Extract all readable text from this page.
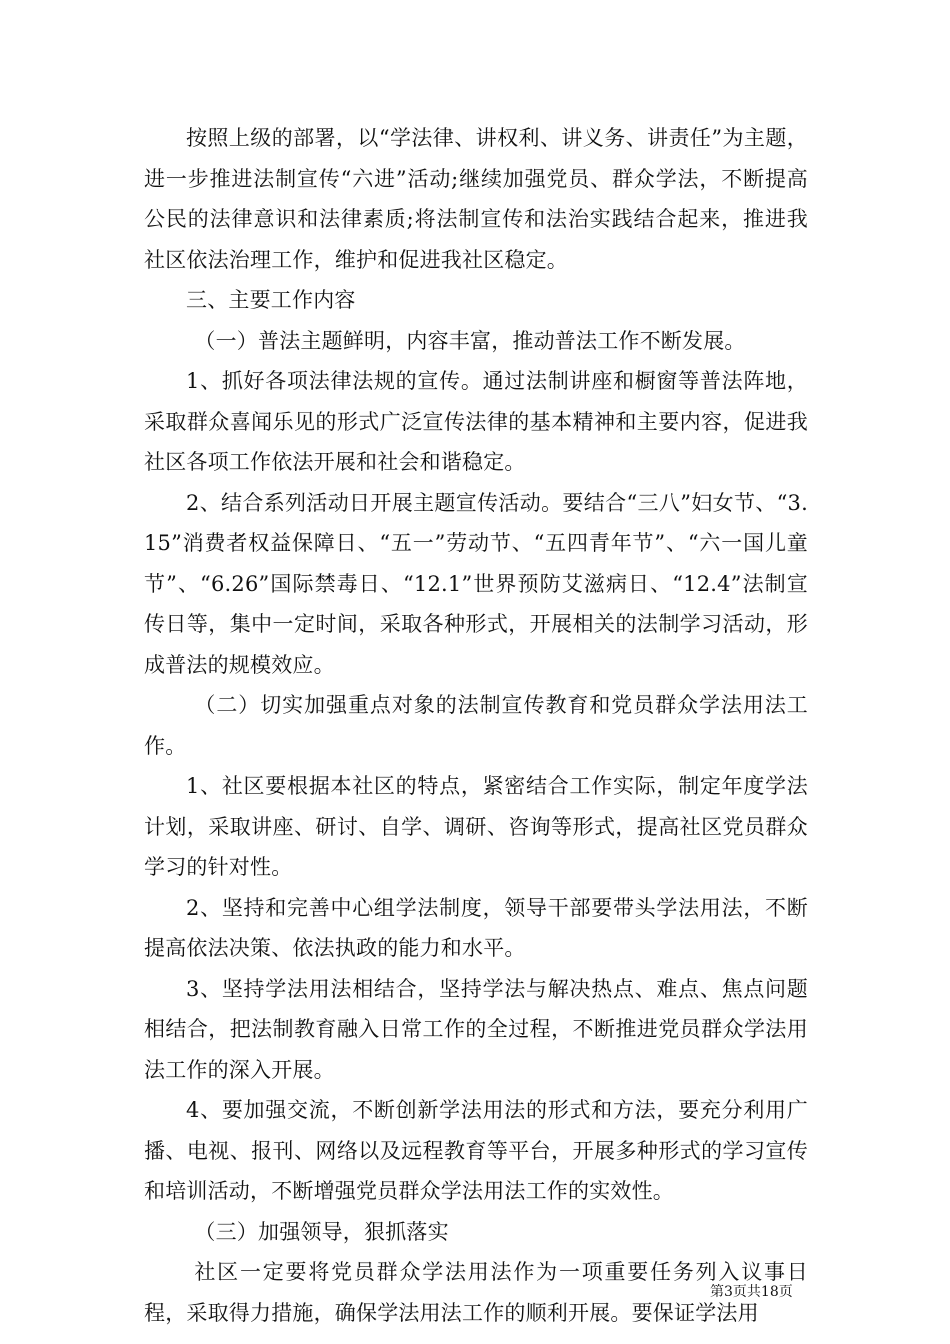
按照上级的部署，以“学法律、讲权利、讲义务、讲责任”为主题，进一步推进法制宣传“六进”活动;继续加强党员、群众学法，不断提高公民的法律意识和法律素质;将法制宣传和法治实践结合起来，推进我社区依法治理工作，维护和促进我社区稳定。

三、主要工作内容

（一）普法主题鲜明，内容丰富，推动普法工作不断发展。

1、抓好各项法律法规的宣传。通过法制讲座和橱窗等普法阵地，采取群众喜闻乐见的形式广泛宣传法律的基本精神和主要内容，促进我社区各项工作依法开展和社会和谐稳定。

2、结合系列活动日开展主题宣传活动。要结合“三八”妇女节、“3.15”消费者权益保障日、“五一”劳动节、“五四青年节”、“六一国儿童节”、“6.26”国际禁毒日、“12.1”世界预防艾滋病日、“12.4”法制宣传日等，集中一定时间，采取各种形式，开展相关的法制学习活动，形成普法的规模效应。

（二）切实加强重点对象的法制宣传教育和党员群众学法用法工作。

1、社区要根据本社区的特点，紧密结合工作实际，制定年度学法计划，采取讲座、研讨、自学、调研、咨询等形式，提高社区党员群众学习的针对性。

2、坚持和完善中心组学法制度，领导干部要带头学法用法，不断提高依法决策、依法执政的能力和水平。

3、坚持学法用法相结合，坚持学法与解决热点、难点、焦点问题相结合，把法制教育融入日常工作的全过程，不断推进党员群众学法用法工作的深入开展。

4、要加强交流，不断创新学法用法的形式和方法，要充分利用广播、电视、报刊、网络以及远程教育等平台，开展多种形式的学习宣传和培训活动，不断增强党员群众学法用法工作的实效性。

（三）加强领导，狠抓落实

社区一定要将党员群众学法用法作为一项重要任务列入议事日程，采取得力措施，确保学法用法工作的顺利开展。要保证学法用

第3页共18页
